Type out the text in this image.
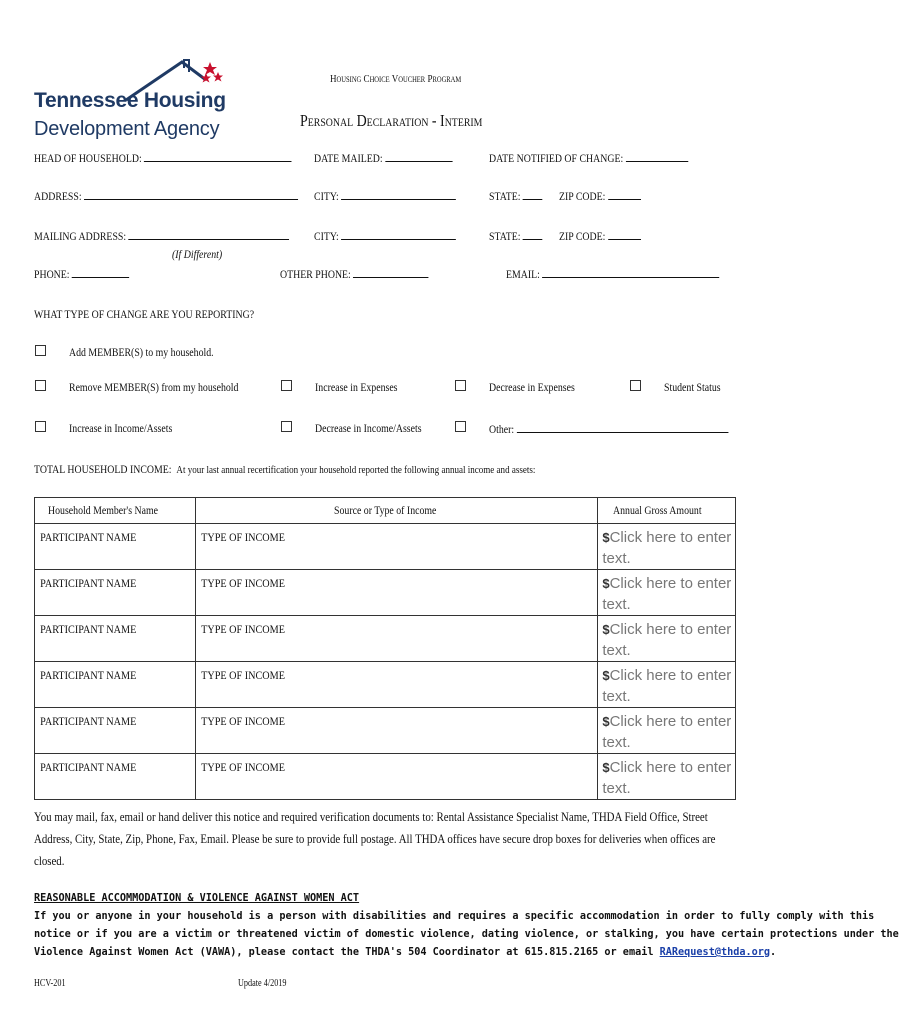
Tennessee Housing
Development Agency
Housing Choice Voucher Program
Personal Declaration - Interim
HEAD OF HOUSEHOLD:	DATE MAILED:	DATE NOTIFIED OF CHANGE:
ADDRESS:	CITY:	STATE:	ZIP CODE:
MAILING ADDRESS:	CITY:	STATE:	ZIP CODE:
(If Different)
PHONE:	OTHER PHONE:	EMAIL:
WHAT TYPE OF CHANGE ARE YOU REPORTING?
Add MEMBER(S) to my household.
Remove MEMBER(S) from my household	Increase in Expenses	Decrease in Expenses	Student Status
Increase in Income/Assets	Decrease in Income/Assets	Other:
TOTAL HOUSEHOLD INCOME: At your last annual recertification your household reported the following annual income and assets:
Household Member's Name	Source or Type of Income	Annual Gross Amount
PARTICIPANT NAME	TYPE OF INCOME	$Click here to enter text.

PARTICIPANT NAME	TYPE OF INCOME	$Click here to enter text.

PARTICIPANT NAME	TYPE OF INCOME	$Click here to enter text.

PARTICIPANT NAME	TYPE OF INCOME	$Click here to enter text.

PARTICIPANT NAME	TYPE OF INCOME	$Click here to enter text.

PARTICIPANT NAME	TYPE OF INCOME	$Click here to enter text.
You may mail, fax, email or hand deliver this notice and required verification documents to: Rental Assistance Specialist Name, THDA Field Office, Street Address, City, State, Zip, Phone, Fax, Email. Please be sure to provide full postage. All THDA offices have secure drop boxes for deliveries when offices are closed.
REASONABLE ACCOMMODATION & VIOLENCE AGAINST WOMEN ACT
If you or anyone in your household is a person with disabilities and requires a specific accommodation in order to fully comply with this
notice or if you are a victim or threatened victim of domestic violence, dating violence, or stalking, you have certain protections under the
Violence Against Women Act (VAWA), please contact the THDA's 504 Coordinator at 615.815.2165 or email RARequest@thda.org.
HCV-201	Update 4/2019
